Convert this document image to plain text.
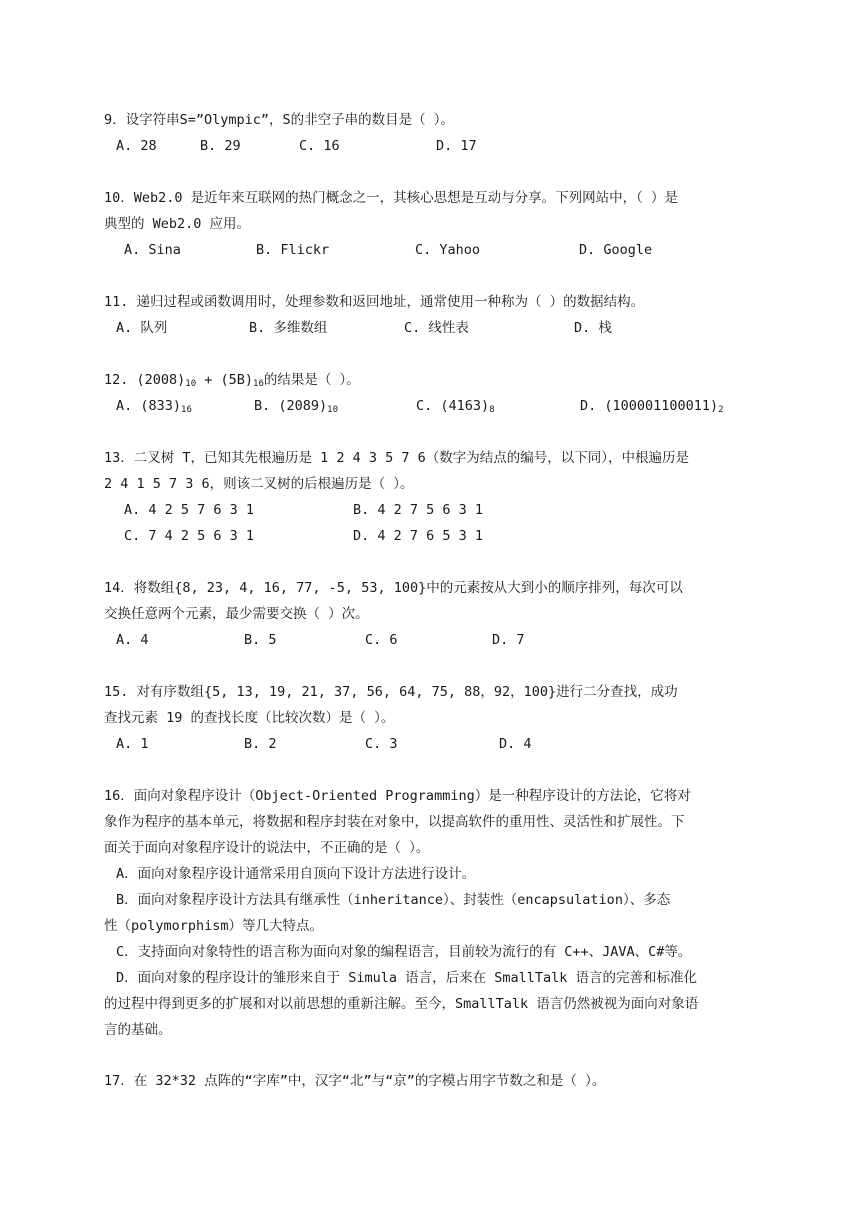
9．设字符串S=”Olympic”，S的非空子串的数目是（ ）。
A. 28	B. 29	C. 16	D. 17
10．Web2.0 是近年来互联网的热门概念之一，其核心思想是互动与分享。下列网站中，（ ）是
典型的 Web2.0 应用。
A. Sina	B. Flickr	C. Yahoo	D. Google
11. 递归过程或函数调用时，处理参数和返回地址，通常使用一种称为（ ）的数据结构。
A. 队列	B. 多维数组	C. 线性表	D. 栈
12. $(2008)_{10} + (5B)_{16}$的结果是（ ）。
A. $(833)_{16}$	B. $(2089)_{10}$	C. $(4163)_8$	D. $(100001100011)_2$
13．二叉树 T，已知其先根遍历是 1 2 4 3 5 7 6（数字为结点的编号，以下同），中根遍历是
2 4 1 5 7 3 6，则该二叉树的后根遍历是（ ）。
A. 4 2 5 7 6 3 1	B. 4 2 7 5 6 3 1
C. 7 4 2 5 6 3 1	D. 4 2 7 6 5 3 1
14．将数组{8, 23, 4, 16, 77, -5, 53, 100}中的元素按从大到小的顺序排列，每次可以
交换任意两个元素，最少需要交换（ ）次。
A. 4	B. 5	C. 6	D. 7
15. 对有序数组{5, 13, 19, 21, 37, 56, 64, 75, 88，92，100}进行二分查找，成功
查找元素 19 的查找长度（比较次数）是（ ）。
A. 1	B. 2	C. 3	D. 4
16．面向对象程序设计（Object-Oriented Programming）是一种程序设计的方法论，它将对
象作为程序的基本单元，将数据和程序封装在对象中，以提高软件的重用性、灵活性和扩展性。下
面关于面向对象程序设计的说法中，不正确的是（ ）。
A．面向对象程序设计通常采用自顶向下设计方法进行设计。
B．面向对象程序设计方法具有继承性（inheritance）、封装性（encapsulation）、多态
性（polymorphism）等几大特点。
C．支持面向对象特性的语言称为面向对象的编程语言，目前较为流行的有 C++、JAVA、C#等。
D．面向对象的程序设计的雏形来自于 Simula 语言，后来在 SmallTalk 语言的完善和标准化
的过程中得到更多的扩展和对以前思想的重新注解。至今，SmallTalk 语言仍然被视为面向对象语
言的基础。
17．在 32*32 点阵的“字库”中，汉字“北”与“京”的字模占用字节数之和是（ ）。
